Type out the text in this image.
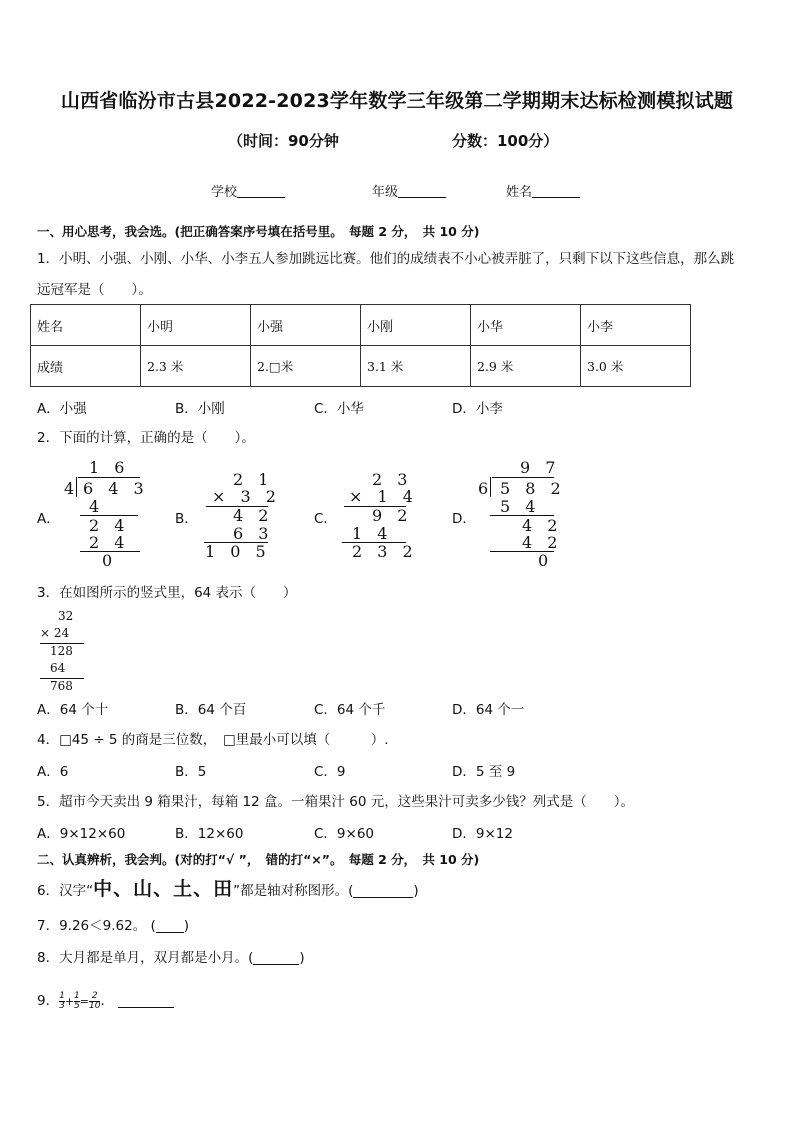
山西省临汾市古县2022-2023学年数学三年级第二学期期末达标检测模拟试题
（时间：90分钟	分数：100分）
学校	年级	姓名
一、用心思考，我会选。(把正确答案序号填在括号里。　每题 2 分，　共 10 分)
1．小明、小强、小刚、小华、小李五人参加跳远比赛。他们的成绩表不小心被弄脏了，只剩下以下这些信息，那么跳
远冠军是（　　）。
姓名	小明	小强	小刚	小华	小李
成绩	2.3 米	2.□米	3.1 米	2.9 米	3.0 米
A．小强	B．小刚	C．小华	D．小李
2．下面的计算，正确的是（　　）。
A．
1 6
4 6 4 3
4
2 4
2 4
0
B．
2 1
× 3 2
4 2
6 3
1 0 5
C．
2 3
× 1 4
9 2
1 4
2 3 2
D．
9 7
6 5 8 2
5 4
4 2
4 2
0
3．在如图所示的竖式里，64 表示（　　）
32
× 24
128
64
768
A．64 个十	B．64 个百	C．64 个千	D．64 个一
4．□45 ÷ 5 的商是三位数，　□里最小可以填（　　　）.
A．6	B．5	C．9	D．5 至 9
5．超市今天卖出 9 箱果汁，每箱 12 盒。一箱果汁 60 元，这些果汁可卖多少钱？列式是（　　）。
A．9×12×60	B．12×60	C．9×60	D．9×12
二、认真辨析，我会判。(对的打“√ ”，　错的打“×”。　每题 2 分，　共 10 分)
6．汉字“中、山、土、田”都是轴对称图形。(	)
7．9.26＜9.62。 ( )
8．大月都是单月，双月都是小月。(	)
9． $\frac{1}{3} + \frac{1}{5} = \frac{2}{10}$ ．
